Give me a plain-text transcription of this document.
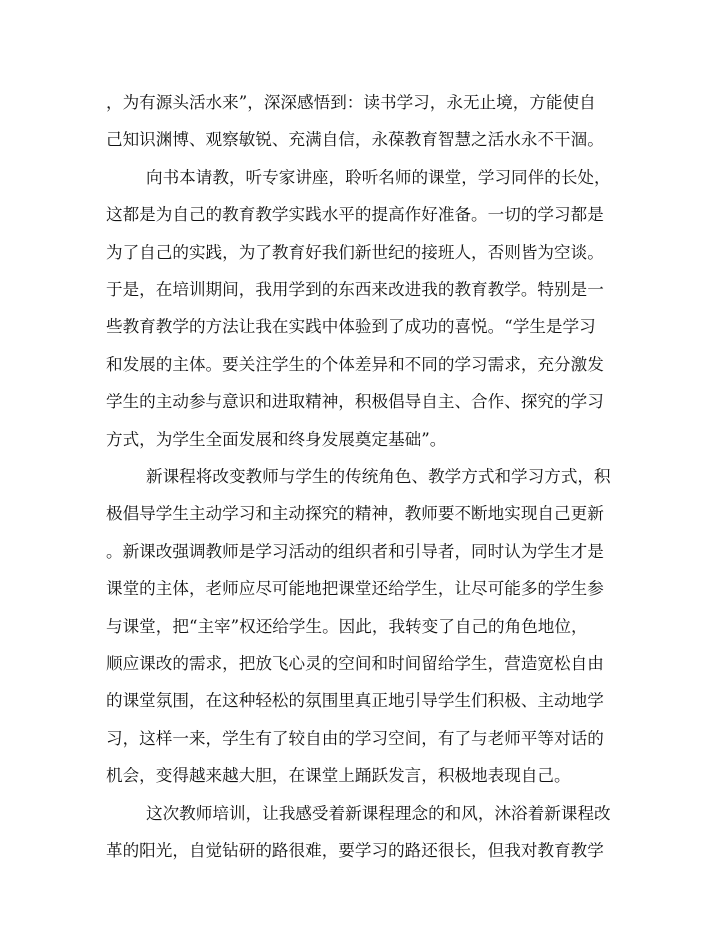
，为有源头活水来”，深深感悟到：读书学习，永无止境，方能使自
己知识渊博、观察敏锐、充满自信，永葆教育智慧之活水永不干涸。
向书本请教，听专家讲座，聆听名师的课堂，学习同伴的长处，
这都是为自己的教育教学实践水平的提高作好准备。一切的学习都是
为了自己的实践，为了教育好我们新世纪的接班人，否则皆为空谈。
于是，在培训期间，我用学到的东西来改进我的教育教学。特别是一
些教育教学的方法让我在实践中体验到了成功的喜悦。“学生是学习
和发展的主体。要关注学生的个体差异和不同的学习需求，充分激发
学生的主动参与意识和进取精神，积极倡导自主、合作、探究的学习
方式，为学生全面发展和终身发展奠定基础”。
新课程将改变教师与学生的传统角色、教学方式和学习方式，积
极倡导学生主动学习和主动探究的精神，教师要不断地实现自己更新
。新课改强调教师是学习活动的组织者和引导者，同时认为学生才是
课堂的主体，老师应尽可能地把课堂还给学生，让尽可能多的学生参
与课堂，把“主宰”权还给学生。因此，我转变了自己的角色地位，
顺应课改的需求，把放飞心灵的空间和时间留给学生，营造宽松自由
的课堂氛围，在这种轻松的氛围里真正地引导学生们积极、主动地学
习，这样一来，学生有了较自由的学习空间，有了与老师平等对话的
机会，变得越来越大胆，在课堂上踊跃发言，积极地表现自己。
这次教师培训，让我感受着新课程理念的和风，沐浴着新课程改
革的阳光，自觉钻研的路很难，要学习的路还很长，但我对教育教学
